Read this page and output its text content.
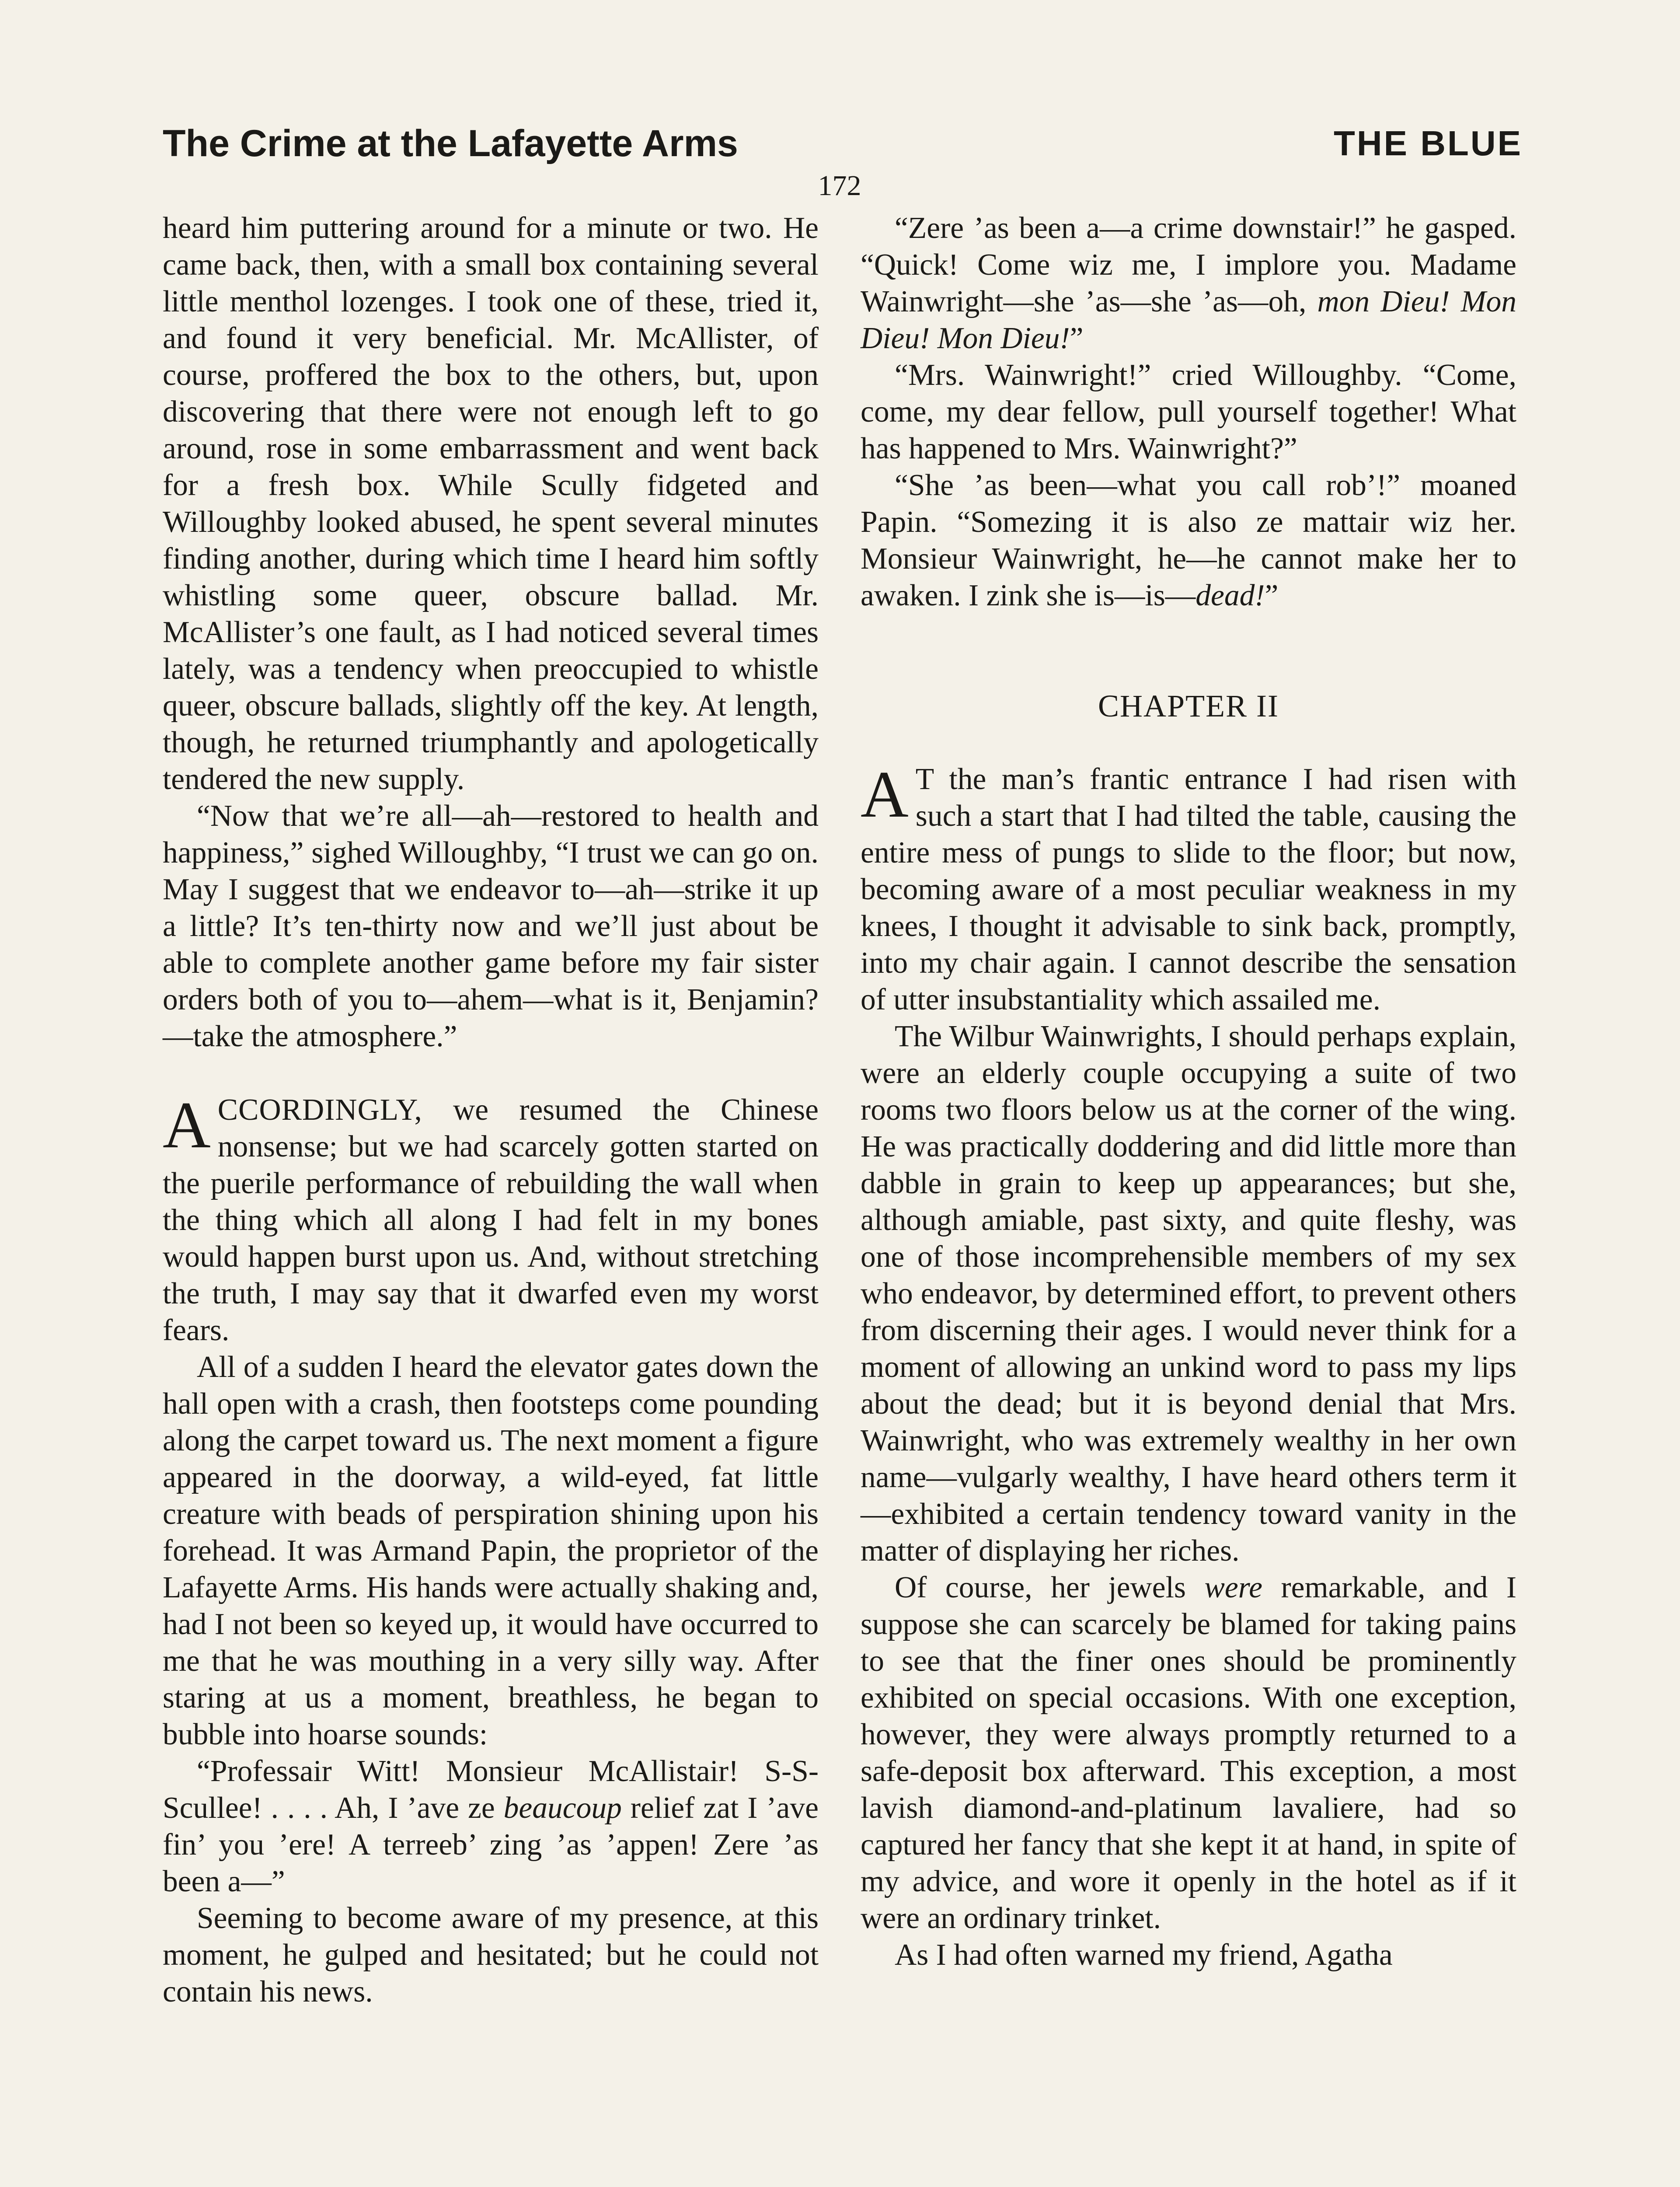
The Crime at the Lafayette Arms	THE BLUE
172

heard him puttering around for a minute or two. He came back, then, with a small box containing several little menthol lozenges. I took one of these, tried it, and found it very beneficial. Mr. McAllister, of course, proffered the box to the others, but, upon discovering that there were not enough left to go around, rose in some embarrassment and went back for a fresh box. While Scully fidgeted and Willoughby looked abused, he spent several minutes finding another, during which time I heard him softly whistling some queer, obscure ballad. Mr. McAllister’s one fault, as I had noticed several times lately, was a tendency when preoccupied to whistle queer, obscure ballads, slightly off the key. At length, though, he returned triumphantly and apologetically tendered the new supply.

“Now that we’re all—ah—restored to health and happiness,” sighed Willoughby, “I trust we can go on. May I suggest that we endeavor to—ah—strike it up a little? It’s ten-thirty now and we’ll just about be able to complete another game before my fair sister orders both of you to—ahem—what is it, Benjamin?—take the atmosphere.”

ACCORDINGLY, we resumed the Chinese nonsense; but we had scarcely gotten started on the puerile performance of rebuilding the wall when the thing which all along I had felt in my bones would happen burst upon us. And, without stretching the truth, I may say that it dwarfed even my worst fears.

All of a sudden I heard the elevator gates down the hall open with a crash, then footsteps come pounding along the carpet toward us. The next moment a figure appeared in the doorway, a wild-eyed, fat little creature with beads of perspiration shining upon his forehead. It was Armand Papin, the proprietor of the Lafayette Arms. His hands were actually shaking and, had I not been so keyed up, it would have occurred to me that he was mouthing in a very silly way. After staring at us a moment, breathless, he began to bubble into hoarse sounds:

“Professair Witt! Monsieur McAllistair! S-S-Scullee! . . . . Ah, I ’ave ze beaucoup relief zat I ’ave fin’ you ’ere! A terreeb’ zing ’as ’appen! Zere ’as been a—”

Seeming to become aware of my presence, at this moment, he gulped and hesitated; but he could not contain his news.

“Zere ’as been a—a crime downstair!” he gasped. “Quick! Come wiz me, I implore you. Madame Wainwright—she ’as—she ’as—oh, mon Dieu! Mon Dieu! Mon Dieu!”

“Mrs. Wainwright!” cried Willoughby. “Come, come, my dear fellow, pull yourself together! What has happened to Mrs. Wainwright?”

“She ’as been—what you call rob’!” moaned Papin. “Somezing it is also ze mattair wiz her. Monsieur Wainwright, he—he cannot make her to awaken. I zink she is—is—dead!”

CHAPTER II

A T the man’s frantic entrance I had risen with such a start that I had tilted the table, causing the entire mess of pungs to slide to the floor; but now, becoming aware of a most peculiar weakness in my knees, I thought it advisable to sink back, promptly, into my chair again. I cannot describe the sensation of utter insubstantiality which assailed me.

The Wilbur Wainwrights, I should perhaps explain, were an elderly couple occupying a suite of two rooms two floors below us at the corner of the wing. He was practically doddering and did little more than dabble in grain to keep up appearances; but she, although amiable, past sixty, and quite fleshy, was one of those incomprehensible members of my sex who endeavor, by determined effort, to prevent others from discerning their ages. I would never think for a moment of allowing an unkind word to pass my lips about the dead; but it is beyond denial that Mrs. Wainwright, who was extremely wealthy in her own name—vulgarly wealthy, I have heard others term it—exhibited a certain tendency toward vanity in the matter of displaying her riches.

Of course, her jewels were remarkable, and I suppose she can scarcely be blamed for taking pains to see that the finer ones should be prominently exhibited on special occasions. With one exception, however, they were always promptly returned to a safe-deposit box afterward. This exception, a most lavish diamond-and-platinum lavaliere, had so captured her fancy that she kept it at hand, in spite of my advice, and wore it openly in the hotel as if it were an ordinary trinket.

As I had often warned my friend, Agatha
